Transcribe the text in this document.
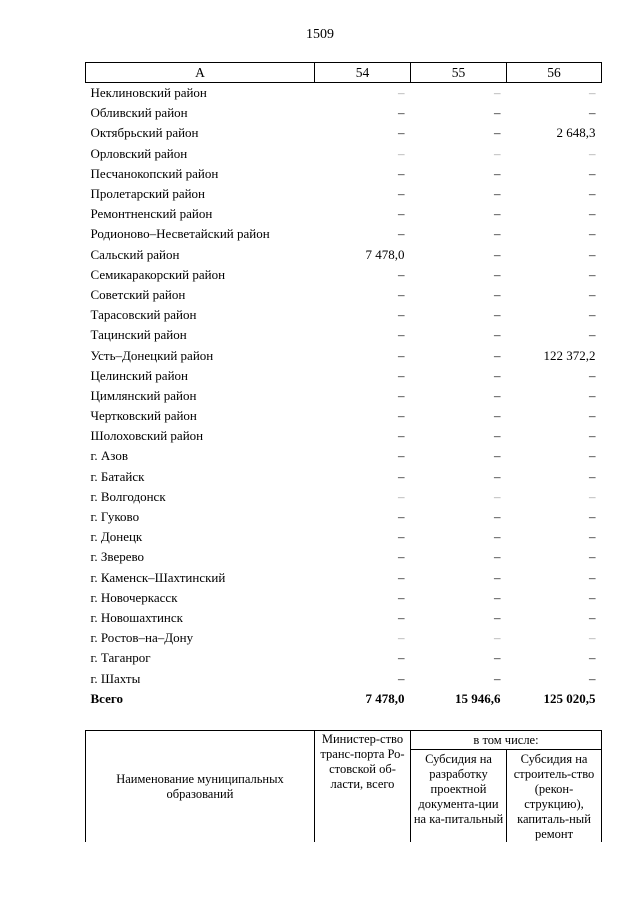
1509
А	54	55	56
Неклиновский район	–	–	–
Обливский район	–	–	–
Октябрьский район	–	–	2 648,3
Орловский район	–	–	–
Песчанокопский район	–	–	–
Пролетарский район	–	–	–
Ремонтненский район	–	–	–
Родионово–Несветайский район	–	–	–
Сальский район	7 478,0	–	–
Семикаракорский район	–	–	–
Советский район	–	–	–
Тарасовский район	–	–	–
Тацинский район	–	–	–
Усть–Донецкий район	–	–	122 372,2
Целинский район	–	–	–
Цимлянский район	–	–	–
Чертковский район	–	–	–
Шолоховский район	–	–	–
г. Азов	–	–	–
г. Батайск	–	–	–
г. Волгодонск	–	–	–
г. Гуково	–	–	–
г. Донецк	–	–	–
г. Зверево	–	–	–
г. Каменск–Шахтинский	–	–	–
г. Новочеркасск	–	–	–
г. Новошахтинск	–	–	–
г. Ростов–на–Дону	–	–	–
г. Таганрог	–	–	–
г. Шахты	–	–	–
Всего	7 478,0	15 946,6	125 020,5
Наименование муниципальных образований	Министер-ство транс-порта Ро-стовской об-ласти, всего	в том числе:	
		Субсидия на разработку проектной документа-ции на ка-питальный	Субсидия на строитель-ство (рекон-струкцию), капиталь-ный ремонт
